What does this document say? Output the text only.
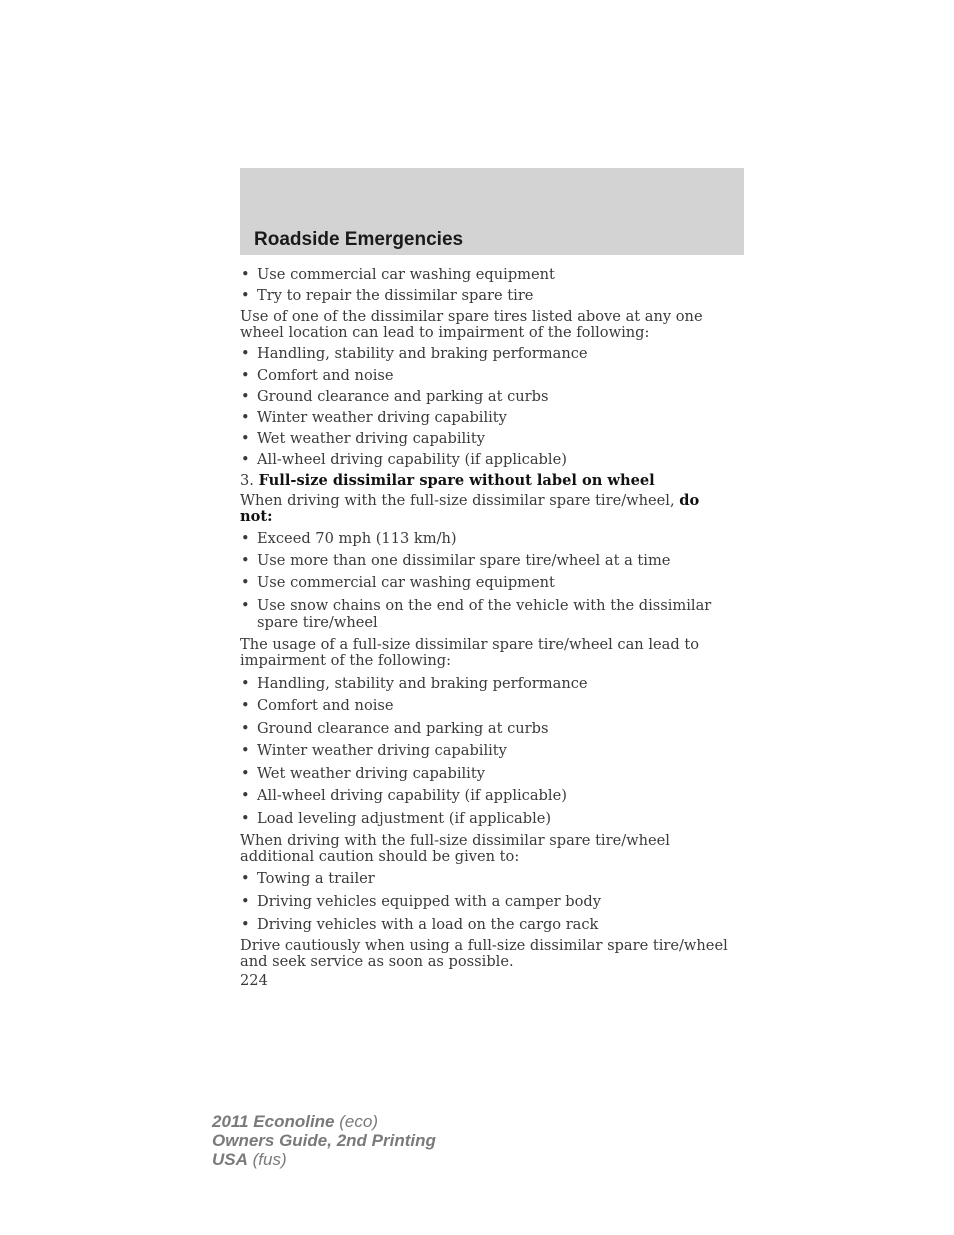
Roadside Emergencies
• Use commercial car washing equipment
• Try to repair the dissimilar spare tire
Use of one of the dissimilar spare tires listed above at any one wheel location can lead to impairment of the following:
• Handling, stability and braking performance
• Comfort and noise
• Ground clearance and parking at curbs
• Winter weather driving capability
• Wet weather driving capability
• All-wheel driving capability (if applicable)
3. Full-size dissimilar spare without label on wheel
When driving with the full-size dissimilar spare tire/wheel, do not:
• Exceed 70 mph (113 km/h)
• Use more than one dissimilar spare tire/wheel at a time
• Use commercial car washing equipment
• Use snow chains on the end of the vehicle with the dissimilar spare tire/wheel
The usage of a full-size dissimilar spare tire/wheel can lead to impairment of the following:
• Handling, stability and braking performance
• Comfort and noise
• Ground clearance and parking at curbs
• Winter weather driving capability
• Wet weather driving capability
• All-wheel driving capability (if applicable)
• Load leveling adjustment (if applicable)
When driving with the full-size dissimilar spare tire/wheel additional caution should be given to:
• Towing a trailer
• Driving vehicles equipped with a camper body
• Driving vehicles with a load on the cargo rack
Drive cautiously when using a full-size dissimilar spare tire/wheel and seek service as soon as possible.
224
2011 Econoline (eco)
Owners Guide, 2nd Printing
USA (fus)
